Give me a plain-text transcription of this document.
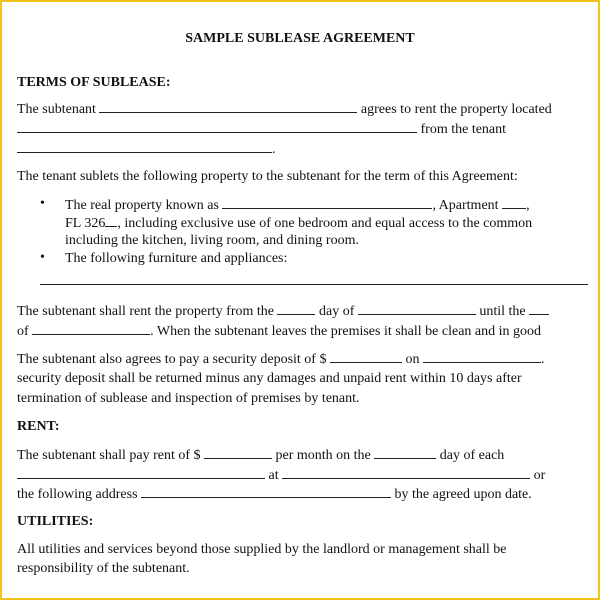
SAMPLE SUBLEASE AGREEMENT
TERMS OF SUBLEASE:
The subtenant	agrees to rent the property located
from the tenant
.
The tenant sublets the following property to the subtenant for the term of this Agreement:
• The real property known as	, Apartment ,
FL 326 , including exclusive use of one bedroom and equal access to the common
including the kitchen, living room, and dining room.
• The following furniture and appliances:
The subtenant shall rent the property from the	day of	until the
of	. When the subtenant leaves the premises it shall be clean and in good
The subtenant also agrees to pay a security deposit of $	on	.
security deposit shall be returned minus any damages and unpaid rent within 10 days after
termination of sublease and inspection of premises by tenant.
RENT:
The subtenant shall pay rent of $	per month on the	day of each
at	or
the following address	by the agreed upon date.
UTILITIES:
All utilities and services beyond those supplied by the landlord or management shall be
responsibility of the subtenant.
